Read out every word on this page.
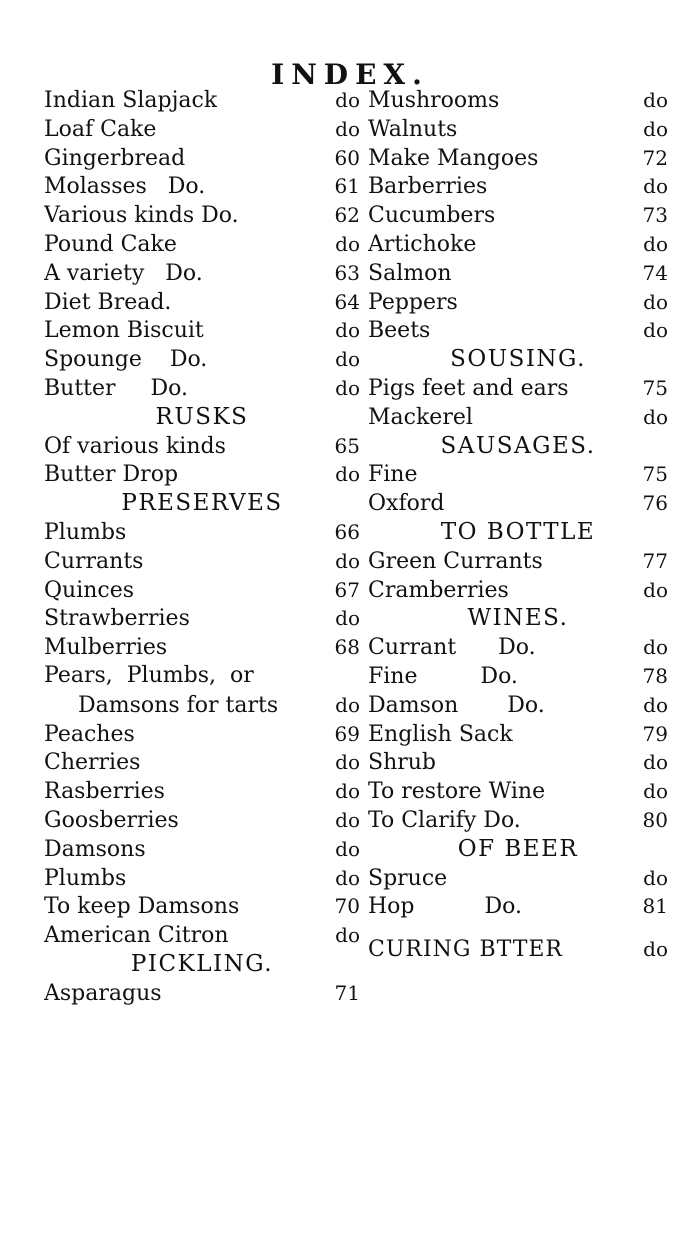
INDEX.
Indian Slapjack	do
Loaf Cake	do
Gingerbread	60
Molasses   Do.	61
Various kinds Do.	62
Pound Cake	do
A variety   Do.	63
Diet Bread.	64
Lemon Biscuit	do
Spounge    Do.	do
Butter     Do.	do
RUSKS
Of various kinds	65
Butter Drop	do
PRESERVES
Plumbs	66
Currants	do
Quinces	67
Strawberries	do
Mulberries	68
Pears,  Plumbs,  or
Damsons for tarts	do
Peaches	69
Cherries	do
Rasberries	do
Goosberries	do
Damsons	do
Plumbs	do
To keep Damsons	70
American Citron	do
PICKLING.
Asparagus	71
Mushrooms	do
Walnuts	do
Make Mangoes	72
Barberries	do
Cucumbers	73
Artichoke	do
Salmon	74
Peppers	do
Beets	do
SOUSING.
Pigs feet and ears	75
Mackerel	do
SAUSAGES.
Fine	75
Oxford	76
TO BOTTLE
Green Currants	77
Cramberries	do
WINES.
Currant      Do.	do
Fine         Do.	78
Damson       Do.	do
English Sack	79
Shrub	do
To restore Wine	do
To Clarify Do.	80
OF BEER
Spruce	do
Hop          Do.	81
CURING BTTER	do
